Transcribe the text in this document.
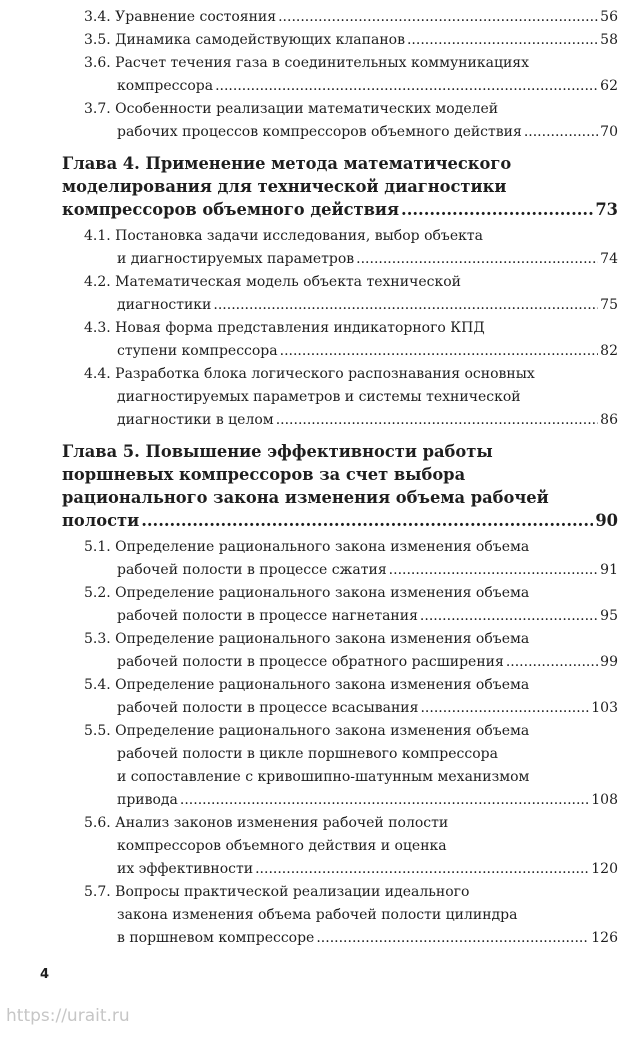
3.4. Уравнение состояния .....	56
3.5. Динамика самодействующих клапанов .....	58
3.6. Расчет течения газа в соединительных коммуникациях
компрессора .....	62
3.7. Особенности реализации математических моделей
рабочих процессов компрессоров объемного действия .....	70
Глава 4. Применение метода математического
моделирования для технической диагностики
компрессоров объемного действия .....	73
4.1. Постановка задачи исследования, выбор объекта
и диагностируемых параметров .....	74
4.2. Математическая модель объекта технической
диагностики .....	75
4.3. Новая форма представления индикаторного КПД
ступени компрессора .....	82
4.4. Разработка блока логического распознавания основных
диагностируемых параметров и системы технической
диагностики в целом .....	86
Глава 5. Повышение эффективности работы
поршневых компрессоров за счет выбора
рационального закона изменения объема рабочей
полости .....	90
5.1. Определение рационального закона изменения объема
рабочей полости в процессе сжатия .....	91
5.2. Определение рационального закона изменения объема
рабочей полости в процессе нагнетания .....	95
5.3. Определение рационального закона изменения объема
рабочей полости в процессе обратного расширения .....	99
5.4. Определение рационального закона изменения объема
рабочей полости в процессе всасывания .....	103
5.5. Определение рационального закона изменения объема
рабочей полости в цикле поршневого компрессора
и сопоставление с кривошипно-шатунным механизмом
привода .....	108
5.6. Анализ законов изменения рабочей полости
компрессоров объемного действия и оценка
их эффективности .....	120
5.7. Вопросы практической реализации идеального
закона изменения объема рабочей полости цилиндра
в поршневом компрессоре .....	126
4
https://urait.ru
